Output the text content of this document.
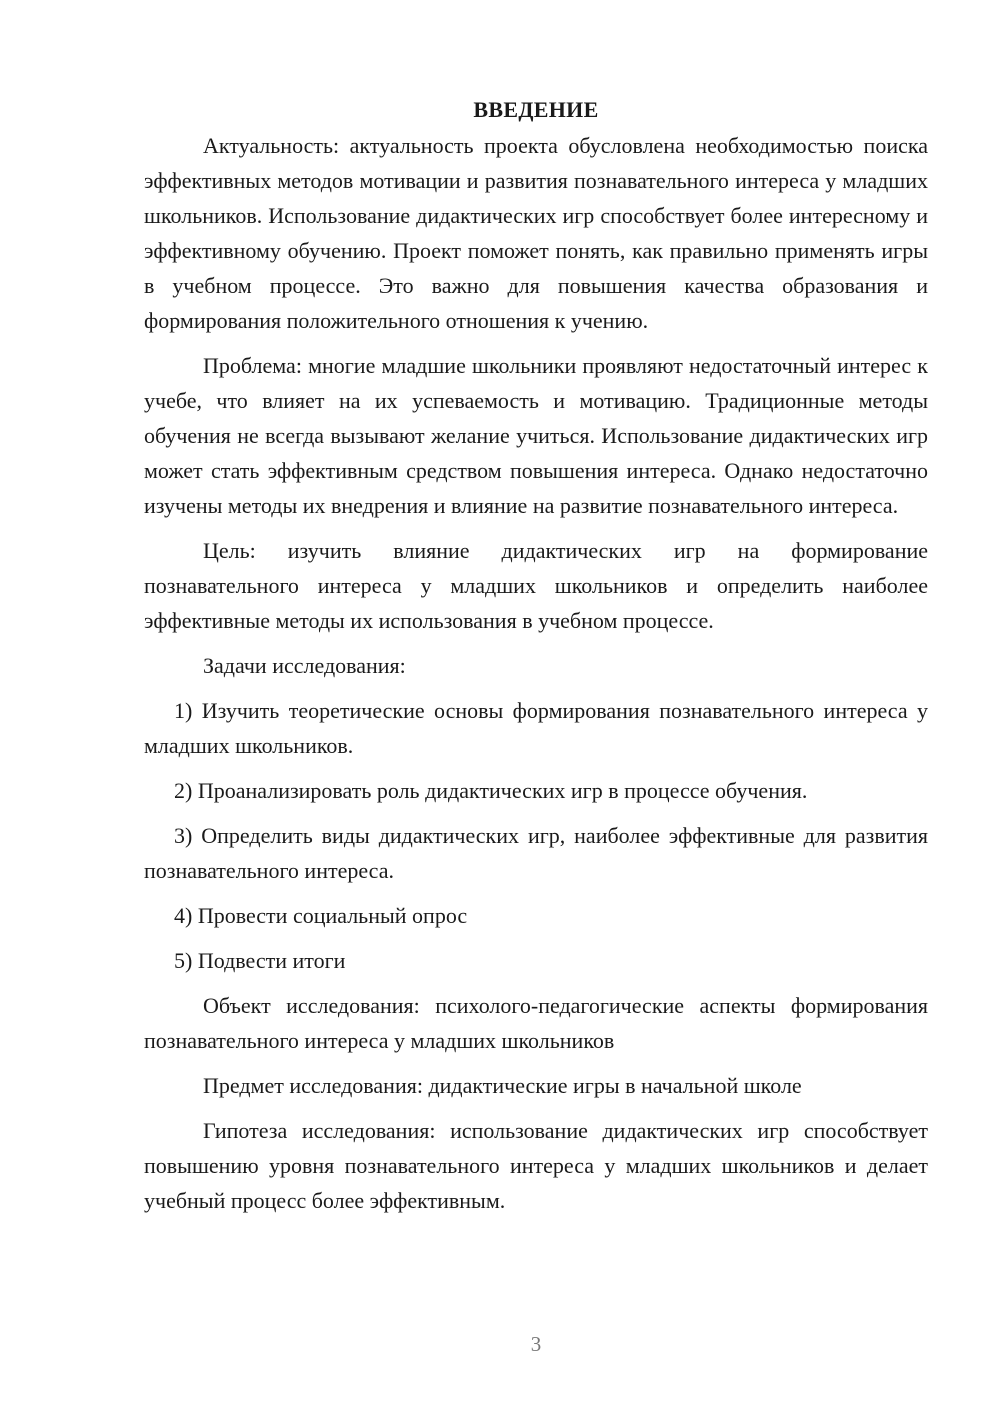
ВВЕДЕНИЕ

Актуальность: актуальность проекта обусловлена необходимостью поиска эффективных методов мотивации и развития познавательного интереса у младших школьников. Использование дидактических игр способствует более интересному и эффективному обучению. Проект поможет понять, как правильно применять игры в учебном процессе. Это важно для повышения качества образования и формирования положительного отношения к учению.

Проблема: многие младшие школьники проявляют недостаточный интерес к учебе, что влияет на их успеваемость и мотивацию. Традиционные методы обучения не всегда вызывают желание учиться. Использование дидактических игр может стать эффективным средством повышения интереса. Однако недостаточно изучены методы их внедрения и влияние на развитие познавательного интереса.

Цель: изучить влияние дидактических игр на формирование познавательного интереса у младших школьников и определить наиболее эффективные методы их использования в учебном процессе.

Задачи исследования:

1) Изучить теоретические основы формирования познавательного интереса у младших школьников.

2) Проанализировать роль дидактических игр в процессе обучения.

3) Определить виды дидактических игр, наиболее эффективные для развития познавательного интереса.

4) Провести социальный опрос

5) Подвести итоги

Объект исследования: психолого-педагогические аспекты формирования познавательного интереса у младших школьников

Предмет исследования: дидактические игры в начальной школе

Гипотеза исследования: использование дидактических игр способствует повышению уровня познавательного интереса у младших школьников и делает учебный процесс более эффективным.

3
